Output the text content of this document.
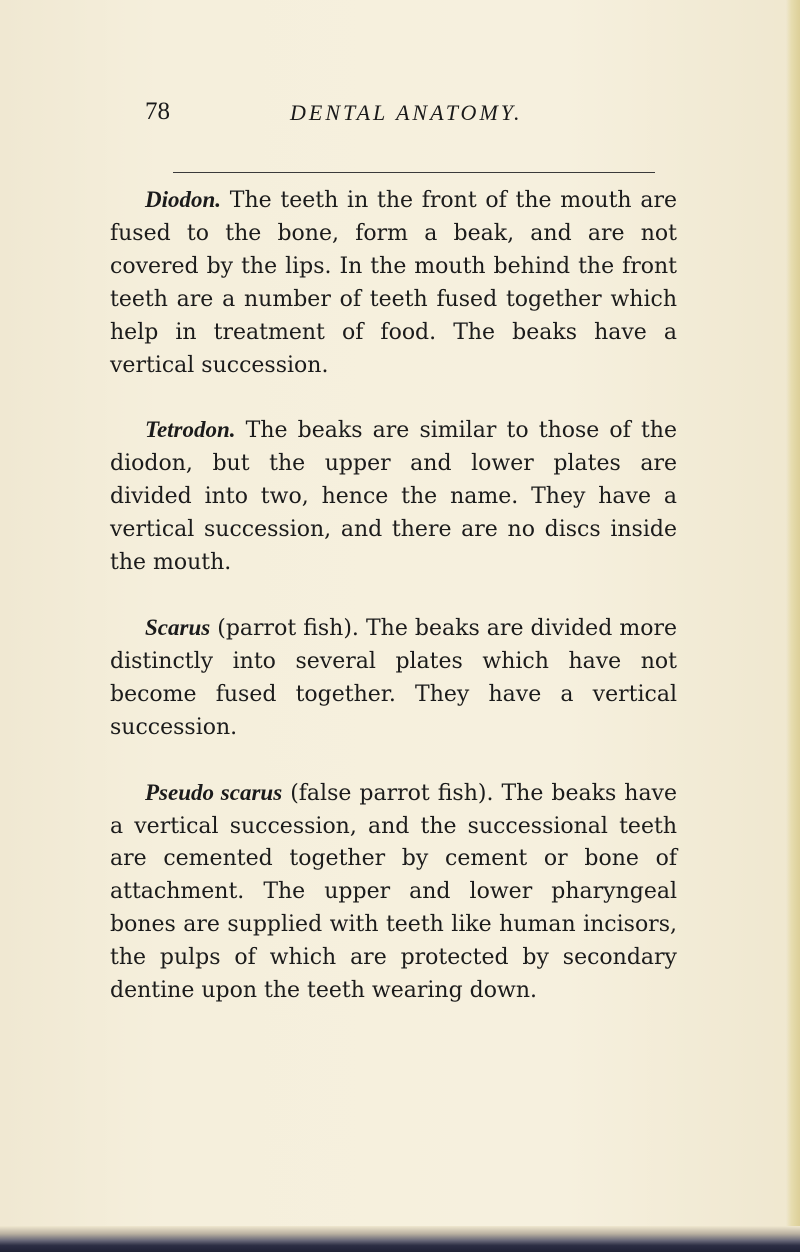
78	DENTAL ANATOMY.

Diodon. The teeth in the front of the mouth are fused to the bone, form a beak, and are not covered by the lips. In the mouth behind the front teeth are a number of teeth fused together which help in treatment of food. The beaks have a vertical succession.

Tetrodon. The beaks are similar to those of the diodon, but the upper and lower plates are divided into two, hence the name. They have a vertical succession, and there are no discs inside the mouth.

Scarus (parrot fish). The beaks are divided more distinctly into several plates which have not become fused together. They have a vertical succession.

Pseudo scarus (false parrot fish). The beaks have a vertical succession, and the successional teeth are cemented together by cement or bone of attachment. The upper and lower pharyngeal bones are supplied with teeth like human incisors, the pulps of which are protected by secondary dentine upon the teeth wearing down.
